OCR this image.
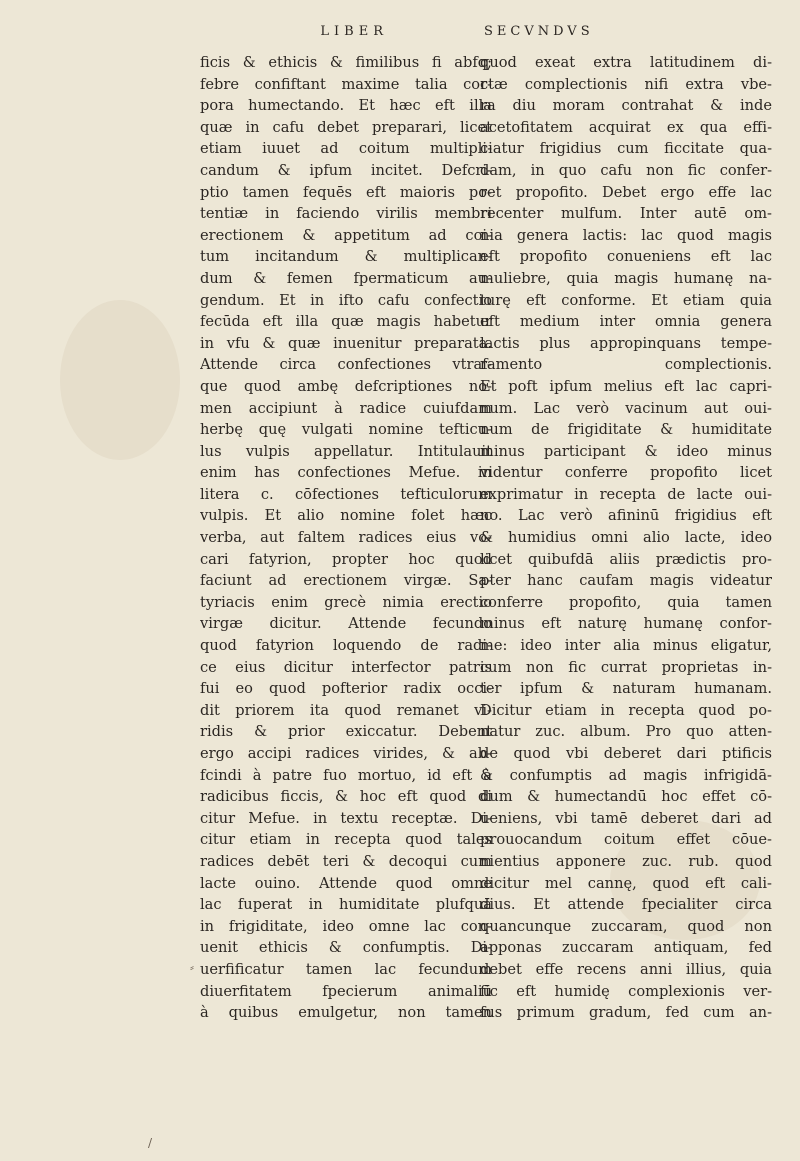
LIBER	SECVNDVS
ficis & ethicis & fimilibus fi abfq;
febre confiftant maxime talia cor-
pora humectando. Et hæc eft illa
quæ in cafu debet preparari, licet
etiam iuuet ad coitum multipli-
candum & ipfum incitet. Defcri-
ptio tamen fequēs eft maioris po-
tentiæ in faciendo virilis membri
erectionem & appetitum ad coi-
tum incitandum & multiplican-
dum & femen fpermaticum au-
gendum. Et in ifto cafu confectio
fecūda eft illa quæ magis habetur
in vfu & quæ inuenitur preparata.
Attende circa confectiones vtraf-
que quod ambę defcriptiones no-
men accipiunt à radice cuiufdam
herbę quę vulgati nomine tefticu-
lus vulpis appellatur. Intitulauit
enim has confectiones Mefue. in
litera c. cōfectiones tefticulorum
vulpis. Et alio nomine folet hæc
verba, aut faltem radices eius vo-
cari fatyrion, propter hoc quod
faciunt ad erectionem virgæ. Sa-
tyriacis enim grecè nimia erectio
virgæ dicitur. Attende fecundo
quod fatyrion loquendo de radi-
ce eius dicitur interfector patris
fui eo quod pofterior radix occi-
dit priorem ita quod remanet vi-
ridis & prior exiccatur. Debent
ergo accipi radices virides, & ab-
fcindi à patre fuo mortuo, id eft à
radicibus ficcis, & hoc eft quod di
citur Mefue. in textu receptæ. Di-
citur etiam in recepta quod tales
radices debēt teri & decoqui cum
lacte ouino. Attende quod omne
lac fuperat in humiditate plufquā
in frigiditate, ideo omne lac con-
uenit ethicis & confumptis. Di-
uerfificatur tamen lac fecundum
diuerfitatem fpecierum animaliū
à quibus emulgetur, non tamen
quod exeat extra latitudinem di-
ctæ complectionis nifi extra vbe-
ra diu moram contrahat & inde
acetofitatem acquirat ex qua effi-
ciatur frigidius cum ficcitate qua-
dam, in quo cafu non fic confer-
ret propofito. Debet ergo effe lac
recenter mulfum. Inter autē om-
nia genera lactis: lac quod magis
eft propofito conueniens eft lac
muliebre, quia magis humanę na-
turę eft conforme. Et etiam quia
eft medium inter omnia genera
lactis plus appropinquans tempe-
ramento complectionis.
Et poft ipfum melius eft lac capri-
num. Lac verò vacinum aut oui-
num de frigiditate & humiditate
minus participant & ideo minus
videntur conferre propofito licet
exprimatur in recepta de lacte oui-
no. Lac verò afininū frigidius eft
& humidius omni alio lacte, ideo
licet quibufdā aliis prædictis pro-
pter hanc caufam magis videatur
conferre propofito, quia tamen
minus eft naturę humanę confor-
me: ideo inter alia minus eligatur,
cum non fic currat proprietas in-
ter ipfum & naturam humanam.
Dicitur etiam in recepta quod po-
natur zuc. album. Pro quo atten-
de quod vbi deberet dari ptificis
& confumptis ad magis infrigidā-
dum & humectandū hoc effet cō-
ueniens, vbi tamē deberet dari ad
prouocandum coitum effet cōue-
nientius apponere zuc. rub. quod
dicitur mel cannę, quod eft cali-
dius. Et attende fpecialiter circa
quancunque zuccaram, quod non
apponas zuccaram antiquam, fed
debet effe recens anni illius, quia
fic eft humidę complexionis ver-
fus primum gradum, fed cum an-
⸗
/
